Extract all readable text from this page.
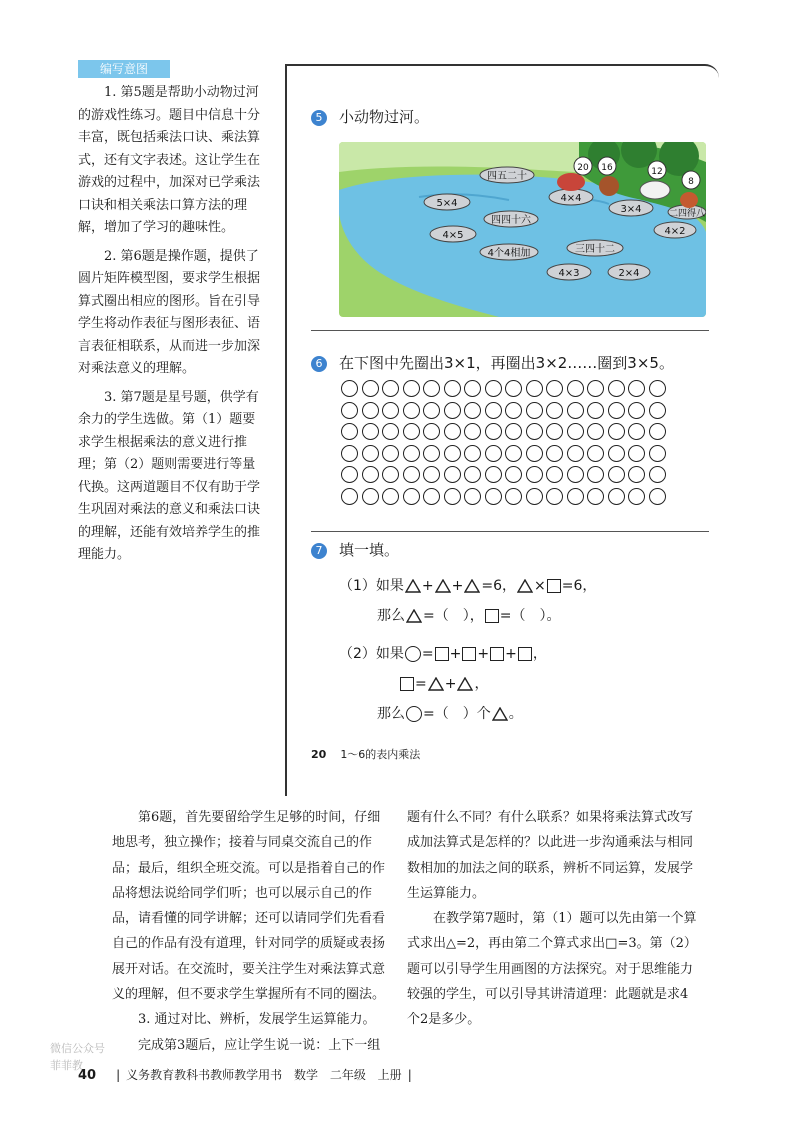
编写意图

1. 第5题是帮助小动物过河的游戏性练习。题目中信息十分丰富，既包括乘法口诀、乘法算式，还有文字表述。这让学生在游戏的过程中，加深对已学乘法口诀和相关乘法口算方法的理解，增加了学习的趣味性。

2. 第6题是操作题，提供了圆片矩阵模型图，要求学生根据算式圈出相应的图形。旨在引导学生将动作表征与图形表征、语言表征相联系，从而进一步加深对乘法意义的理解。

3. 第7题是星号题，供学有余力的学生选做。第（1）题要求学生根据乘法的意义进行推理；第（2）题则需要进行等量代换。这两道题目不仅有助于学生巩固对乘法的意义和乘法口诀的理解，还能有效培养学生的推理能力。

5 小动物过河。
四五二十
5×4	4×4
3×4
四四十六
4×2
二四得八
4×5
4个4相加	三四十二
4×3	2×4
20 16	12
8
6 在下图中先圈出3×1，再圈出3×2……圈到3×5。
7 填一填。
（1）如果 + + =6， × =6，
那么 =（　）， =（　）。
（2）如果 = + + + ，
= + ，
那么 =（　）个 。
20 1～6的表内乘法

第6题，首先要留给学生足够的时间，仔细地思考，独立操作；接着与同桌交流自己的作品；最后，组织全班交流。可以是指着自己的作品将想法说给同学们听；也可以展示自己的作品，请看懂的同学讲解；还可以请同学们先看看自己的作品有没有道理，针对同学的质疑或表扬展开对话。在交流时，要关注学生对乘法算式意义的理解，但不要求学生掌握所有不同的圈法。

3. 通过对比、辨析，发展学生运算能力。

完成第3题后，应让学生说一说：上下一组

题有什么不同？有什么联系？如果将乘法算式改写成加法算式是怎样的？以此进一步沟通乘法与相同数相加的加法之间的联系，辨析不同运算，发展学生运算能力。

在教学第7题时，第（1）题可以先由第一个算式求出△=2，再由第二个算式求出□=3。第（2）题可以引导学生用画图的方法探究。对于思维能力较强的学生，可以引导其讲清道理：此题就是求4个2是多少。

微信公众号
菲菲教
40 | 义务教育教科书教师教学用书 数学 二年级 上册 |
